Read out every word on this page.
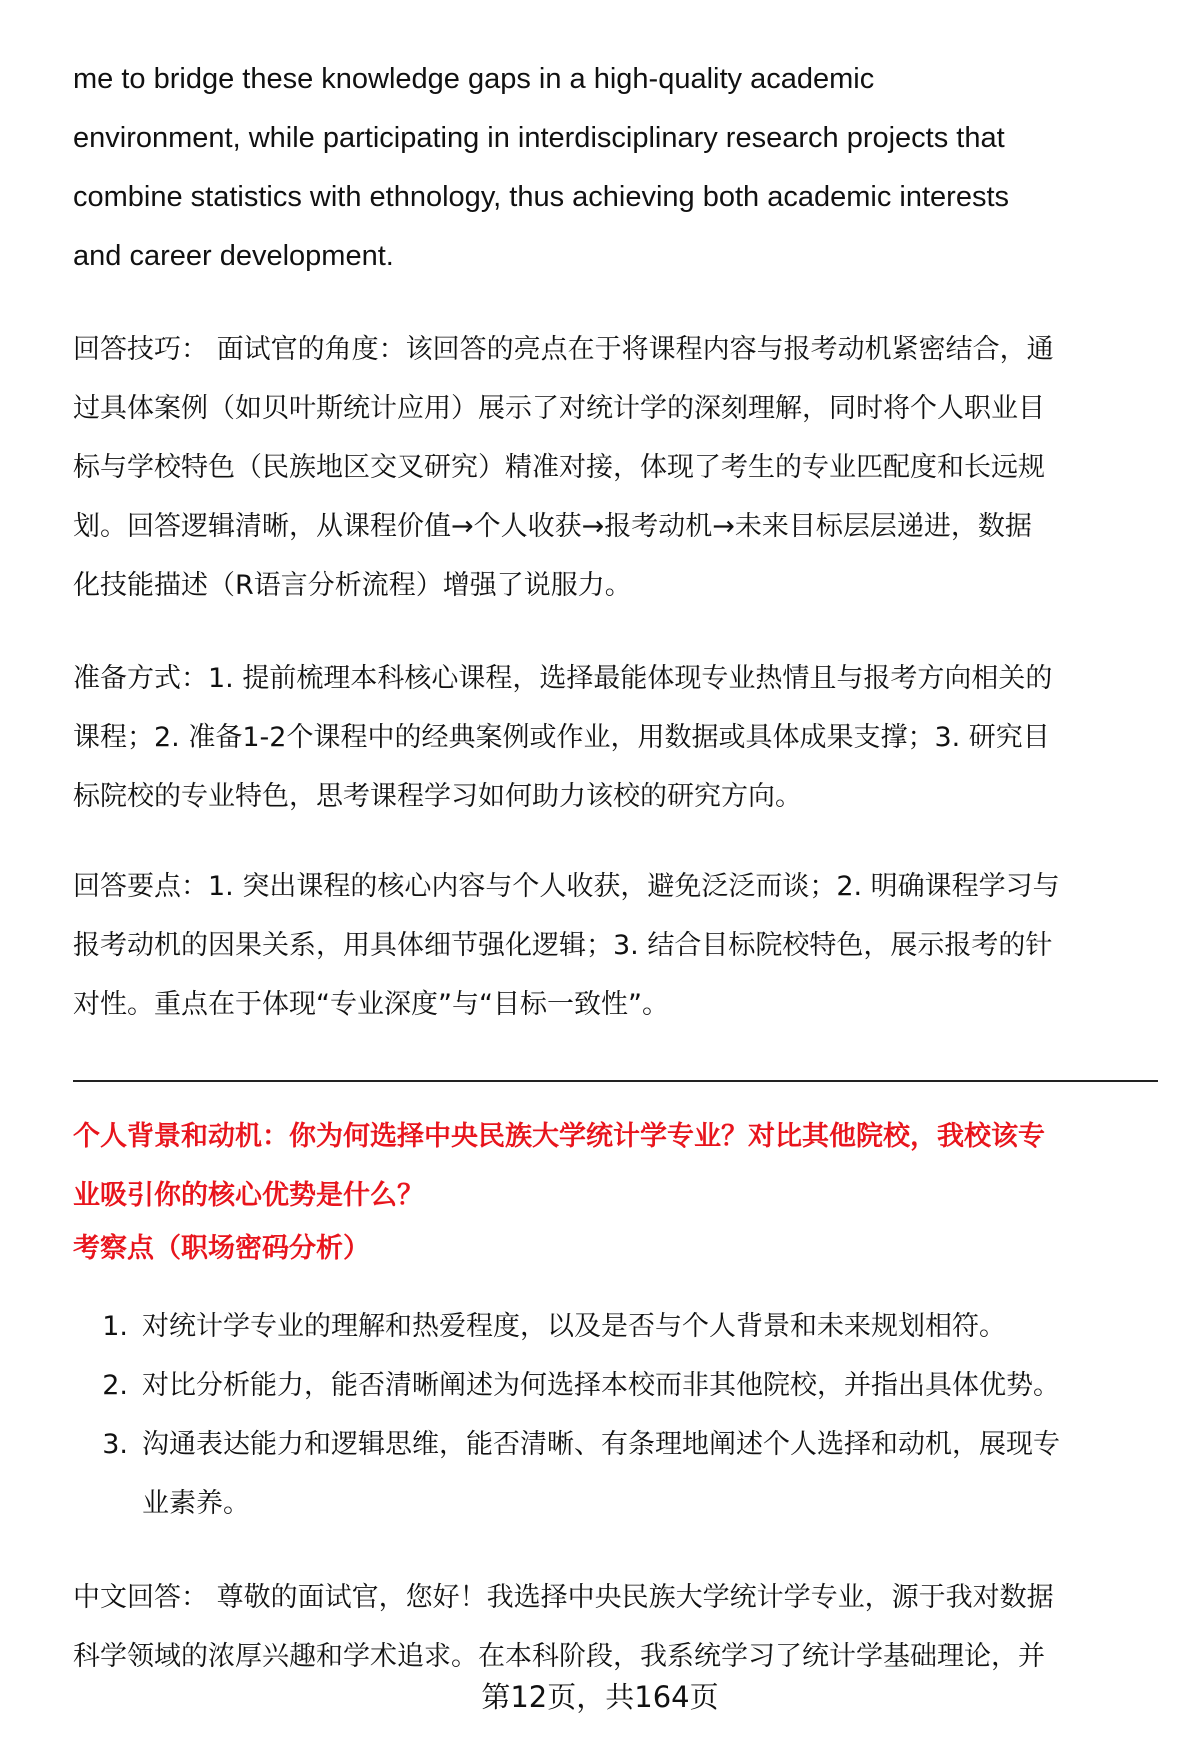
me to bridge these knowledge gaps in a high-quality academic
environment, while participating in interdisciplinary research projects that
combine statistics with ethnology, thus achieving both academic interests
and career development.
回答技巧： 面试官的角度：该回答的亮点在于将课程内容与报考动机紧密结合，通
过具体案例（如贝叶斯统计应用）展示了对统计学的深刻理解，同时将个人职业目
标与学校特色（民族地区交叉研究）精准对接，体现了考生的专业匹配度和长远规
划。回答逻辑清晰，从课程价值→个人收获→报考动机→未来目标层层递进，数据
化技能描述（R语言分析流程）增强了说服力。
准备方式：1. 提前梳理本科核心课程，选择最能体现专业热情且与报考方向相关的
课程；2. 准备1-2个课程中的经典案例或作业，用数据或具体成果支撑；3. 研究目
标院校的专业特色，思考课程学习如何助力该校的研究方向。
回答要点：1. 突出课程的核心内容与个人收获，避免泛泛而谈；2. 明确课程学习与
报考动机的因果关系，用具体细节强化逻辑；3. 结合目标院校特色，展示报考的针
对性。重点在于体现“专业深度”与“目标一致性”。
个人背景和动机：你为何选择中央民族大学统计学专业？对比其他院校，我校该专
业吸引你的核心优势是什么？
考察点（职场密码分析）
1. 对统计学专业的理解和热爱程度，以及是否与个人背景和未来规划相符。
2. 对比分析能力，能否清晰阐述为何选择本校而非其他院校，并指出具体优势。
3. 沟通表达能力和逻辑思维，能否清晰、有条理地阐述个人选择和动机，展现专
业素养。
中文回答： 尊敬的面试官，您好！我选择中央民族大学统计学专业，源于我对数据
科学领域的浓厚兴趣和学术追求。在本科阶段，我系统学习了统计学基础理论，并
第12页，共164页
